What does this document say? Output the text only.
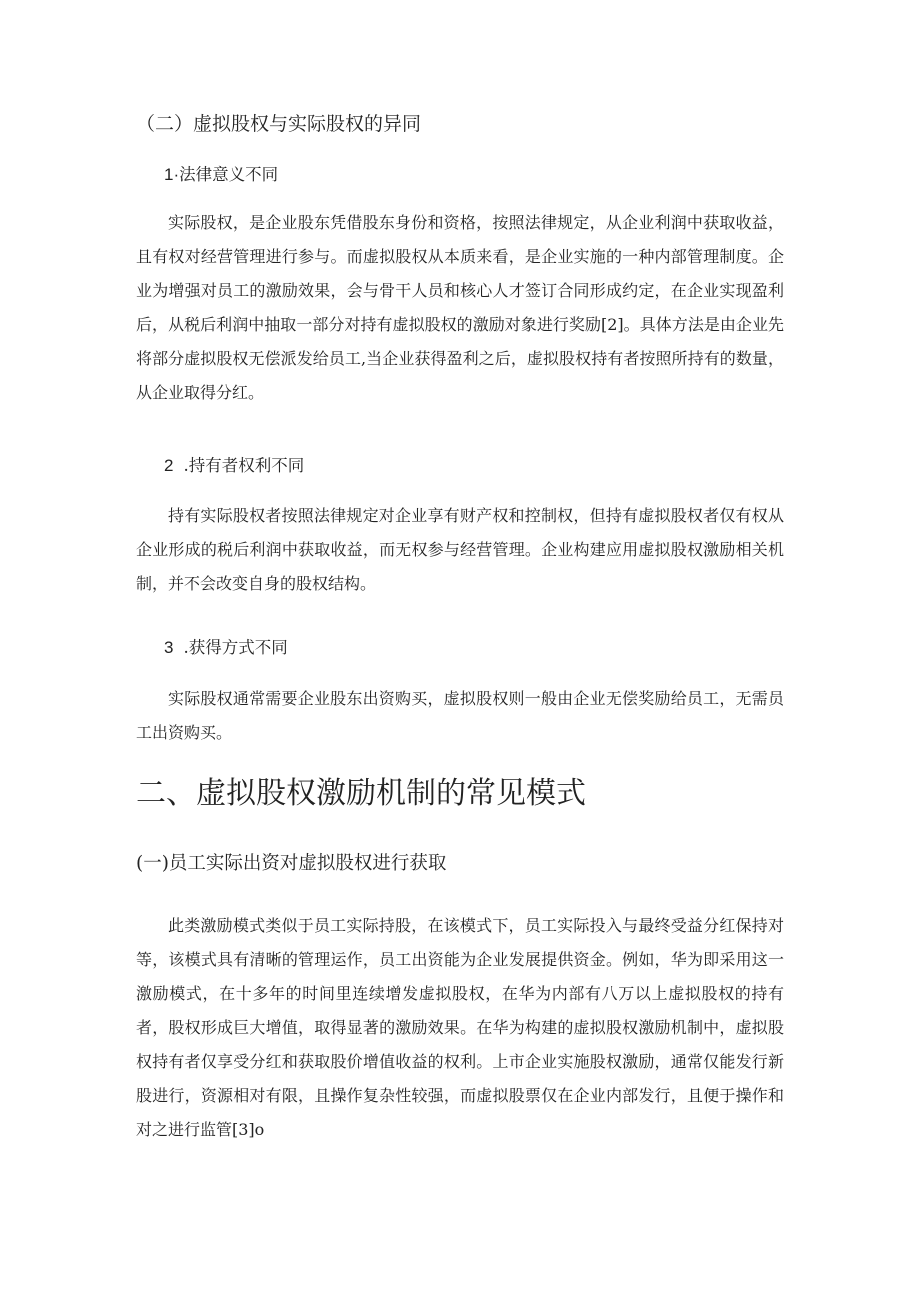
（二）虚拟股权与实际股权的异同
1·法律意义不同

实际股权，是企业股东凭借股东身份和资格，按照法律规定，从企业利润中获取收益，且有权对经营管理进行参与。而虚拟股权从本质来看，是企业实施的一种内部管理制度。企业为增强对员工的激励效果，会与骨干人员和核心人才签订合同形成约定，在企业实现盈利后，从税后利润中抽取一部分对持有虚拟股权的激励对象进行奖励[2]。具体方法是由企业先将部分虚拟股权无偿派发给员工,当企业获得盈利之后，虚拟股权持有者按照所持有的数量，从企业取得分红。

2 .持有者权利不同

持有实际股权者按照法律规定对企业享有财产权和控制权，但持有虚拟股权者仅有权从企业形成的税后利润中获取收益，而无权参与经营管理。企业构建应用虚拟股权激励相关机制，并不会改变自身的股权结构。

3 .获得方式不同

实际股权通常需要企业股东出资购买，虚拟股权则一般由企业无偿奖励给员工，无需员工出资购买。

二、虚拟股权激励机制的常见模式
(一)员工实际出资对虚拟股权进行获取

此类激励模式类似于员工实际持股，在该模式下，员工实际投入与最终受益分红保持对等，该模式具有清晰的管理运作，员工出资能为企业发展提供资金。例如，华为即采用这一激励模式，在十多年的时间里连续增发虚拟股权，在华为内部有八万以上虚拟股权的持有者，股权形成巨大增值，取得显著的激励效果。在华为构建的虚拟股权激励机制中，虚拟股权持有者仅享受分红和获取股价增值收益的权利。上市企业实施股权激励，通常仅能发行新股进行，资源相对有限，且操作复杂性较强，而虚拟股票仅在企业内部发行，且便于操作和对之进行监管[3]o
